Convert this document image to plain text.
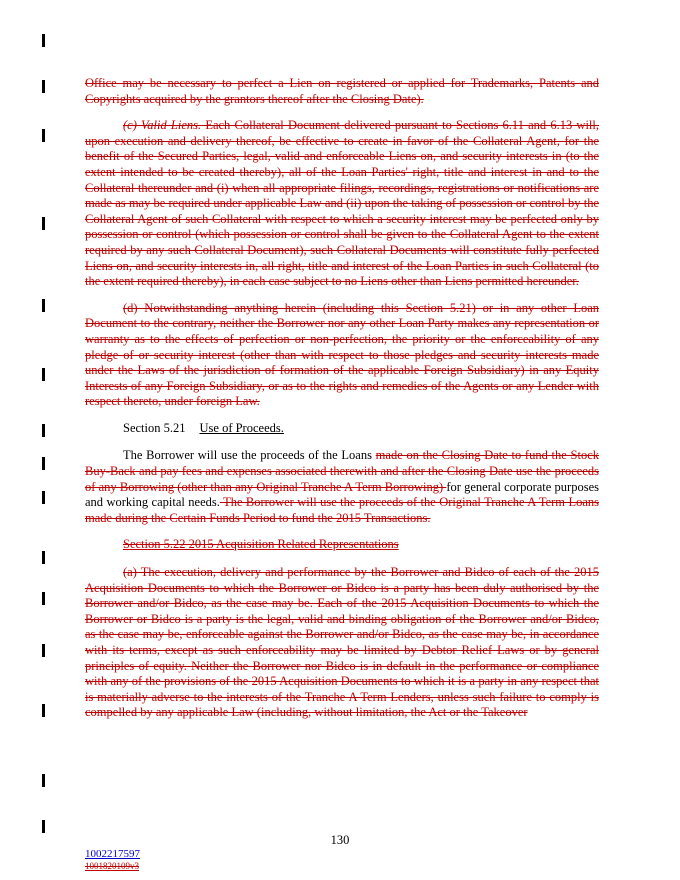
Office may be necessary to perfect a Lien on registered or applied for Trademarks, Patents and Copyrights acquired by the grantors thereof after the Closing Date).

(c) Valid Liens. Each Collateral Document delivered pursuant to Sections 6.11 and 6.13 will, upon execution and delivery thereof, be effective to create in favor of the Collateral Agent, for the benefit of the Secured Parties, legal, valid and enforceable Liens on, and security interests in (to the extent intended to be created thereby), all of the Loan Parties' right, title and interest in and to the Collateral thereunder and (i) when all appropriate filings, recordings, registrations or notifications are made as may be required under applicable Law and (ii) upon the taking of possession or control by the Collateral Agent of such Collateral with respect to which a security interest may be perfected only by possession or control (which possession or control shall be given to the Collateral Agent to the extent required by any such Collateral Document), such Collateral Documents will constitute fully perfected Liens on, and security interests in, all right, title and interest of the Loan Parties in such Collateral (to the extent required thereby), in each case subject to no Liens other than Liens permitted hereunder.

(d) Notwithstanding anything herein (including this Section 5.21) or in any other Loan Document to the contrary, neither the Borrower nor any other Loan Party makes any representation or warranty as to the effects of perfection or non-perfection, the priority or the enforceability of any pledge of or security interest (other than with respect to those pledges and security interests made under the Laws of the jurisdiction of formation of the applicable Foreign Subsidiary) in any Equity Interests of any Foreign Subsidiary, or as to the rights and remedies of the Agents or any Lender with respect thereto, under foreign Law.

Section 5.21 Use of Proceeds.

The Borrower will use the proceeds of the Loans made on the Closing Date to fund the Stock Buy-Back and pay fees and expenses associated therewith and after the Closing Date use the proceeds of any Borrowing (other than any Original Tranche A Term Borrowing) for general corporate purposes and working capital needs. The Borrower will use the proceeds of the Original Tranche A Term Loans made during the Certain Funds Period to fund the 2015 Transactions.

Section 5.22 2015 Acquisition Related Representations

(a) The execution, delivery and performance by the Borrower and Bidco of each of the 2015 Acquisition Documents to which the Borrower or Bidco is a party has been duly authorised by the Borrower and/or Bidco, as the case may be. Each of the 2015 Acquisition Documents to which the Borrower or Bidco is a party is the legal, valid and binding obligation of the Borrower and/or Bidco, as the case may be, enforceable against the Borrower and/or Bidco, as the case may be, in accordance with its terms, except as such enforceability may be limited by Debtor Relief Laws or by general principles of equity. Neither the Borrower nor Bidco is in default in the performance or compliance with any of the provisions of the 2015 Acquisition Documents to which it is a party in any respect that is materially adverse to the interests of the Tranche A Term Lenders, unless such failure to comply is compelled by any applicable Law (including, without limitation, the Act or the Takeover

130
1002217597
1001820109v3
